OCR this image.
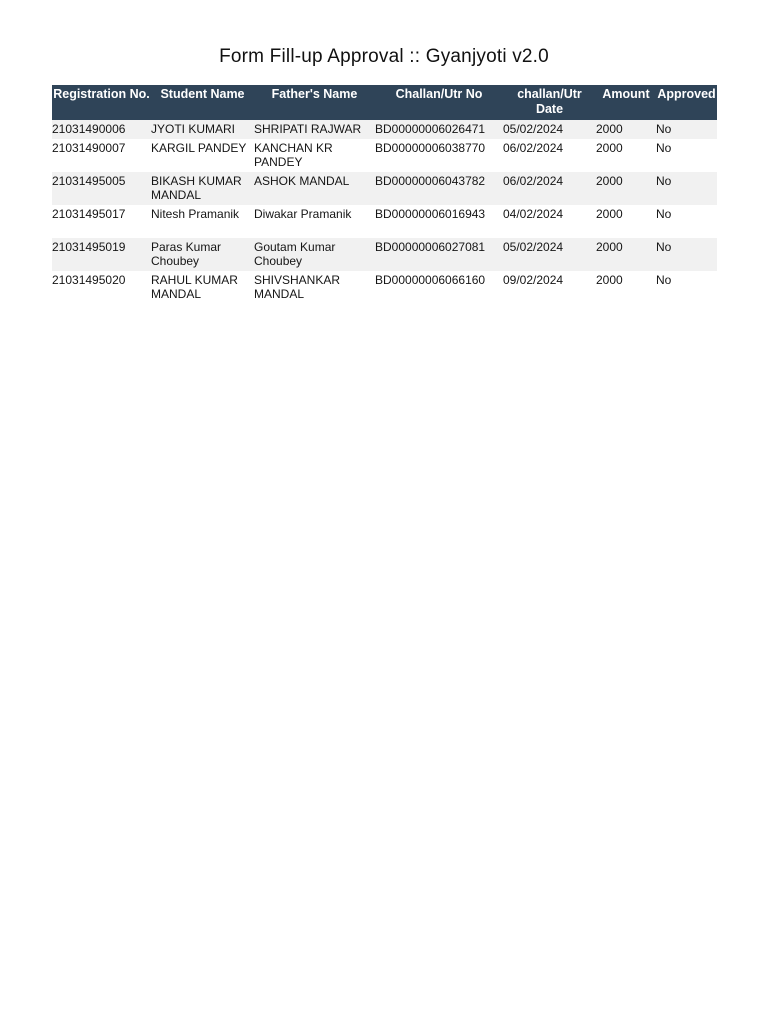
Form Fill-up Approval :: Gyanjyoti v2.0
Registration No.	Student Name	Father's Name	Challan/Utr No	challan/Utr Date	Amount	Approved
21031490006	JYOTI KUMARI	SHRIPATI RAJWAR	BD00000006026471	05/02/2024	2000	No
21031490007	KARGIL PANDEY	KANCHAN KR PANDEY	BD00000006038770	06/02/2024	2000	No
21031495005	BIKASH KUMAR MANDAL	ASHOK MANDAL	BD00000006043782	06/02/2024	2000	No
21031495017	Nitesh Pramanik	Diwakar Pramanik	BD00000006016943	04/02/2024	2000	No
21031495019	Paras Kumar Choubey	Goutam Kumar Choubey	BD00000006027081	05/02/2024	2000	No
21031495020	RAHUL KUMAR MANDAL	SHIVSHANKAR MANDAL	BD00000006066160	09/02/2024	2000	No
